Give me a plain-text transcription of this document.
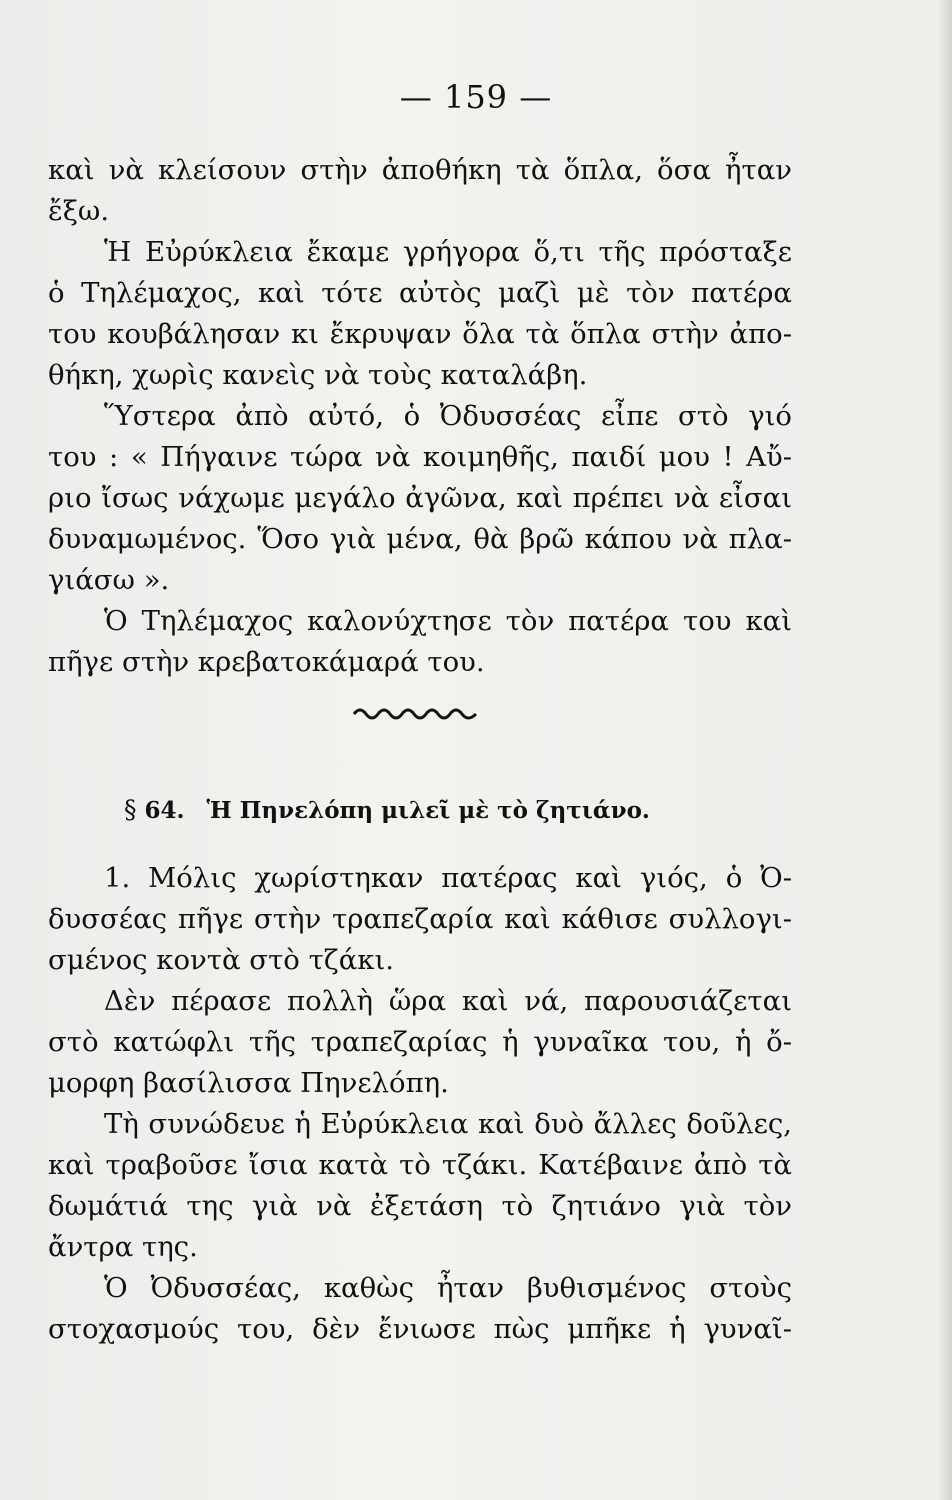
— 159 —
καὶ νὰ κλείσουν στὴν ἀποθήκη τὰ ὅπλα, ὅσα ἦταν
ἔξω.
Ἡ Εὐρύκλεια ἔκαμε γρήγορα ὅ,τι τῆς πρόσταξε
ὁ Τηλέμαχος, καὶ τότε αὐτὸς μαζὶ μὲ τὸν πατέρα
του κουβάλησαν κι ἔκρυψαν ὅλα τὰ ὅπλα στὴν ἀπο-
θήκη, χωρὶς κανεὶς νὰ τοὺς καταλάβη.
Ὕστερα ἀπὸ αὐτό, ὁ Ὀδυσσέας εἶπε στὸ γιό
του : « Πήγαινε τώρα νὰ κοιμηθῆς, παιδί μου ! Αὔ-
ριο ἴσως νάχωμε μεγάλο ἀγῶνα, καὶ πρέπει νὰ εἶσαι
δυναμωμένος. Ὅσο γιὰ μένα, θὰ βρῶ κάπου νὰ πλα-
γιάσω ».
Ὁ Τηλέμαχος καλονύχτησε τὸν πατέρα του καὶ
πῆγε στὴν κρεβατοκάμαρά του.
§ 64. Ἡ Πηνελόπη μιλεῖ μὲ τὸ ζητιάνο.
1. Μόλις χωρίστηκαν πατέρας καὶ γιός, ὁ Ὀ-
δυσσέας πῆγε στὴν τραπεζαρία καὶ κάθισε συλλογι-
σμένος κοντὰ στὸ τζάκι.
Δὲν πέρασε πολλὴ ὥρα καὶ νά, παρουσιάζεται
στὸ κατώφλι τῆς τραπεζαρίας ἡ γυναῖκα του, ἡ ὄ-
μορφη βασίλισσα Πηνελόπη.
Τὴ συνώδευε ἡ Εὐρύκλεια καὶ δυὸ ἄλλες δοῦλες,
καὶ τραβοῦσε ἴσια κατὰ τὸ τζάκι. Κατέβαινε ἀπὸ τὰ
δωμάτιά της γιὰ νὰ ἐξετάση τὸ ζητιάνο γιὰ τὸν
ἄντρα της.
Ὁ Ὀδυσσέας, καθὼς ἦταν βυθισμένος στοὺς
στοχασμούς του, δὲν ἔνιωσε πὼς μπῆκε ἡ γυναῖ-
